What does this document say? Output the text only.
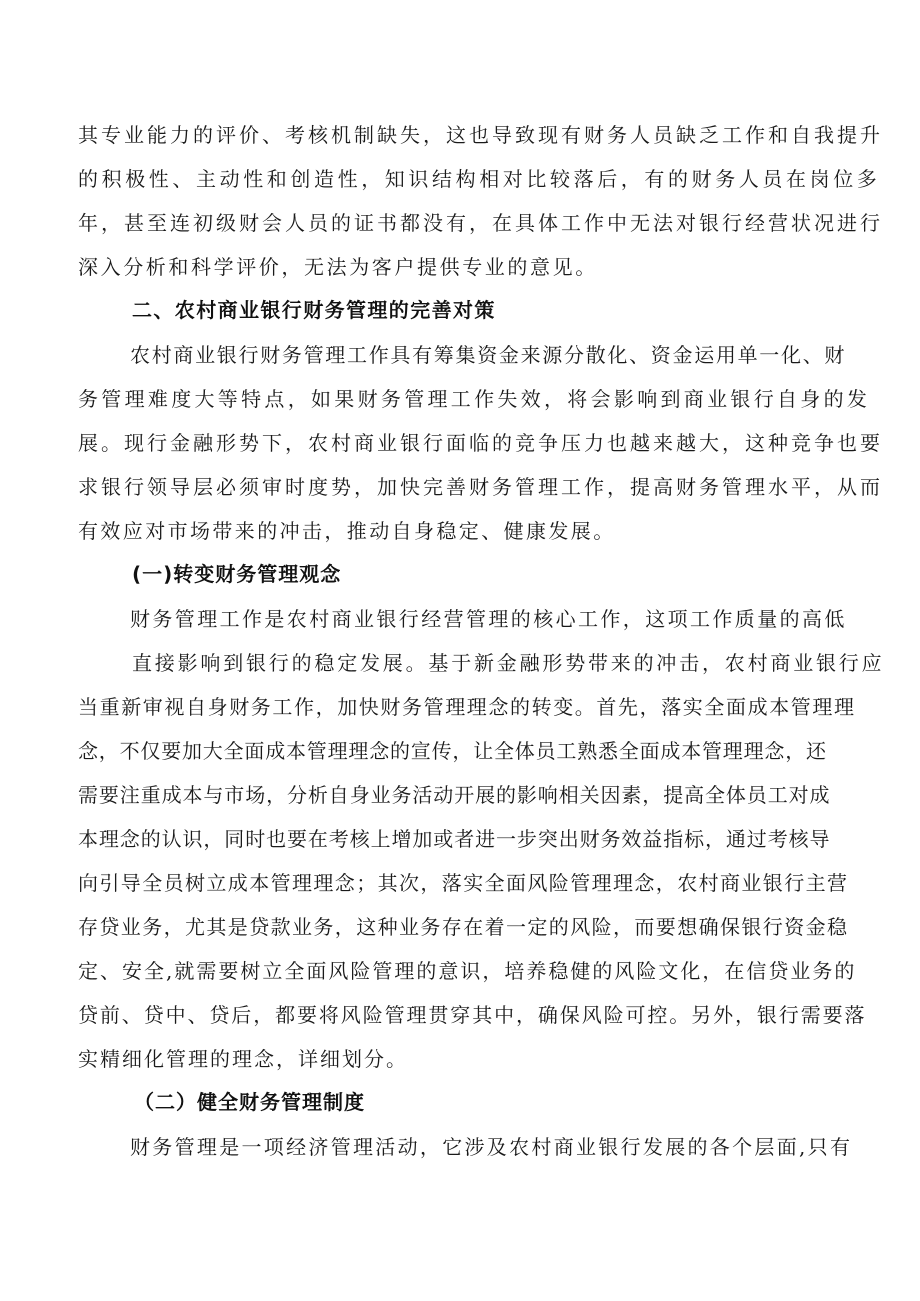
其专业能力的评价、考核机制缺失，这也导致现有财务人员缺乏工作和自我提升
的积极性、主动性和创造性，知识结构相对比较落后，有的财务人员在岗位多
年，甚至连初级财会人员的证书都没有，在具体工作中无法对银行经营状况进行
深入分析和科学评价，无法为客户提供专业的意见。
二、农村商业银行财务管理的完善对策
农村商业银行财务管理工作具有筹集资金来源分散化、资金运用单一化、财
务管理难度大等特点，如果财务管理工作失效，将会影响到商业银行自身的发
展。现行金融形势下，农村商业银行面临的竞争压力也越来越大，这种竞争也要
求银行领导层必须审时度势，加快完善财务管理工作，提高财务管理水平，从而
有效应对市场带来的冲击，推动自身稳定、健康发展。
(一)转变财务管理观念
财务管理工作是农村商业银行经营管理的核心工作，这项工作质量的高低
直接影响到银行的稳定发展。基于新金融形势带来的冲击，农村商业银行应
当重新审视自身财务工作，加快财务管理理念的转变。首先，落实全面成本管理理
念，不仅要加大全面成本管理理念的宣传，让全体员工熟悉全面成本管理理念，还
需要注重成本与市场，分析自身业务活动开展的影响相关因素，提高全体员工对成
本理念的认识，同时也要在考核上增加或者进一步突出财务效益指标，通过考核导
向引导全员树立成本管理理念；其次，落实全面风险管理理念，农村商业银行主营
存贷业务，尤其是贷款业务，这种业务存在着一定的风险，而要想确保银行资金稳
定、安全,就需要树立全面风险管理的意识，培养稳健的风险文化，在信贷业务的
贷前、贷中、贷后，都要将风险管理贯穿其中，确保风险可控。另外，银行需要落
实精细化管理的理念，详细划分。
（二）健全财务管理制度
财务管理是一项经济管理活动，它涉及农村商业银行发展的各个层面,只有
